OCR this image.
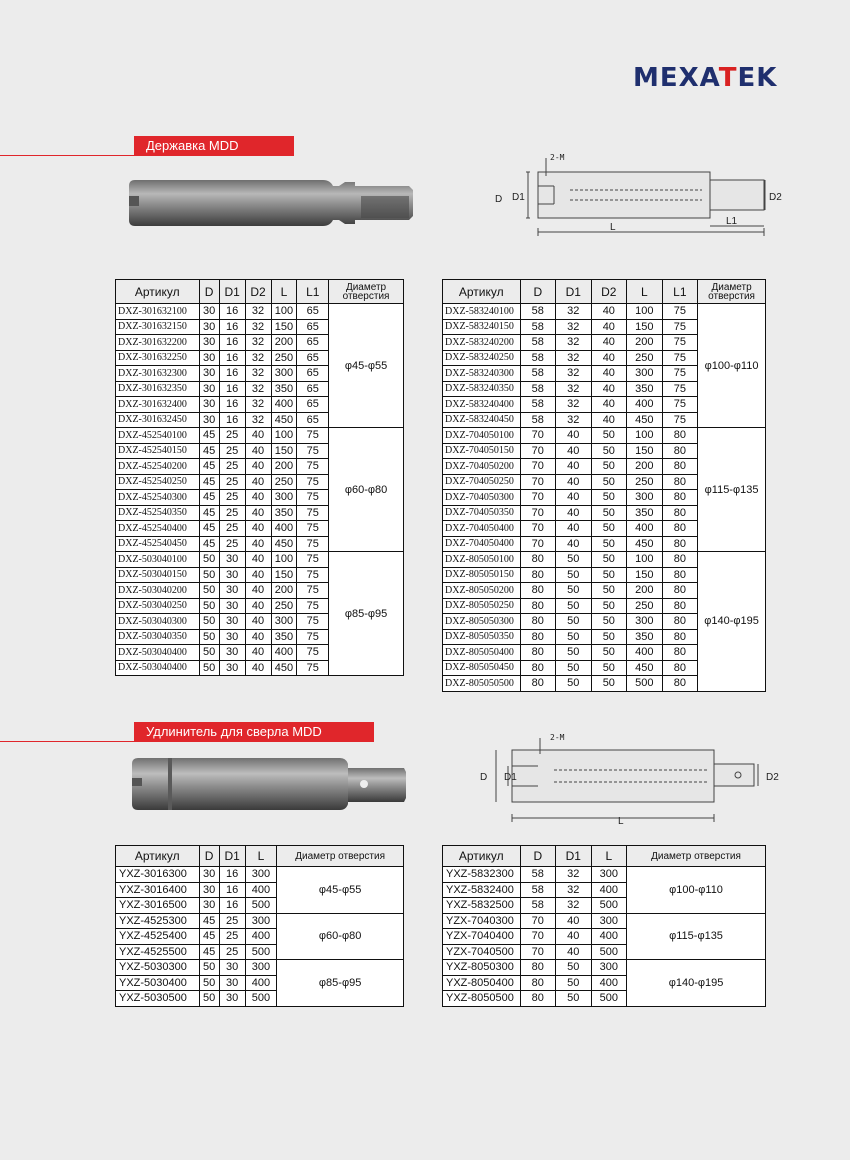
MEXATEK
Державка MDD
2-M
D D1	D2
L
L1
Артикул	D	D1	D2	L	L1	Диаметр отверстия
DXZ-301632100	30	16	32	100	65	φ45-φ55
DXZ-301632150	30	16	32	150	65	
DXZ-301632200	30	16	32	200	65	
DXZ-301632250	30	16	32	250	65	
DXZ-301632300	30	16	32	300	65	
DXZ-301632350	30	16	32	350	65	
DXZ-301632400	30	16	32	400	65	
DXZ-301632450	30	16	32	450	65	
DXZ-452540100	45	25	40	100	75	φ60-φ80
DXZ-452540150	45	25	40	150	75	
DXZ-452540200	45	25	40	200	75	
DXZ-452540250	45	25	40	250	75	
DXZ-452540300	45	25	40	300	75	
DXZ-452540350	45	25	40	350	75	
DXZ-452540400	45	25	40	400	75	
DXZ-452540450	45	25	40	450	75	
DXZ-503040100	50	30	40	100	75	φ85-φ95
DXZ-503040150	50	30	40	150	75	
DXZ-503040200	50	30	40	200	75	
DXZ-503040250	50	30	40	250	75	
DXZ-503040300	50	30	40	300	75	
DXZ-503040350	50	30	40	350	75	
DXZ-503040400	50	30	40	400	75	
DXZ-503040400	50	30	40	450	75	
Артикул	D	D1	D2	L	L1	Диаметр отверстия
DXZ-583240100	58	32	40	100	75	φ100-φ110
DXZ-583240150	58	32	40	150	75	
DXZ-583240200	58	32	40	200	75	
DXZ-583240250	58	32	40	250	75	
DXZ-583240300	58	32	40	300	75	
DXZ-583240350	58	32	40	350	75	
DXZ-583240400	58	32	40	400	75	
DXZ-583240450	58	32	40	450	75	
DXZ-704050100	70	40	50	100	80	φ115-φ135
DXZ-704050150	70	40	50	150	80	
DXZ-704050200	70	40	50	200	80	
DXZ-704050250	70	40	50	250	80	
DXZ-704050300	70	40	50	300	80	
DXZ-704050350	70	40	50	350	80	
DXZ-704050400	70	40	50	400	80	
DXZ-704050400	70	40	50	450	80	
DXZ-805050100	80	50	50	100	80	φ140-φ195
DXZ-805050150	80	50	50	150	80	
DXZ-805050200	80	50	50	200	80	
DXZ-805050250	80	50	50	250	80	
DXZ-805050300	80	50	50	300	80	
DXZ-805050350	80	50	50	350	80	
DXZ-805050400	80	50	50	400	80	
DXZ-805050450	80	50	50	450	80	
DXZ-805050500	80	50	50	500	80	
Удлинитель для сверла MDD	2-M
D D1	D2
L
Артикул	D	D1	L	Диаметр отверстия
YXZ-3016300	30	16	300	φ45-φ55
YXZ-3016400	30	16	400	
YXZ-3016500	30	16	500	
YXZ-4525300	45	25	300	φ60-φ80
YXZ-4525400	45	25	400	
YXZ-4525500	45	25	500	
YXZ-5030300	50	30	300	φ85-φ95
YXZ-5030400	50	30	400	
YXZ-5030500	50	30	500	
Артикул	D	D1	L	Диаметр отверстия
YXZ-5832300	58	32	300	φ100-φ110
YXZ-5832400	58	32	400	
YXZ-5832500	58	32	500	
YZX-7040300	70	40	300	φ115-φ135
YZX-7040400	70	40	400	
YZX-7040500	70	40	500	
YXZ-8050300	80	50	300	φ140-φ195
YXZ-8050400	80	50	400	
YXZ-8050500	80	50	500	
